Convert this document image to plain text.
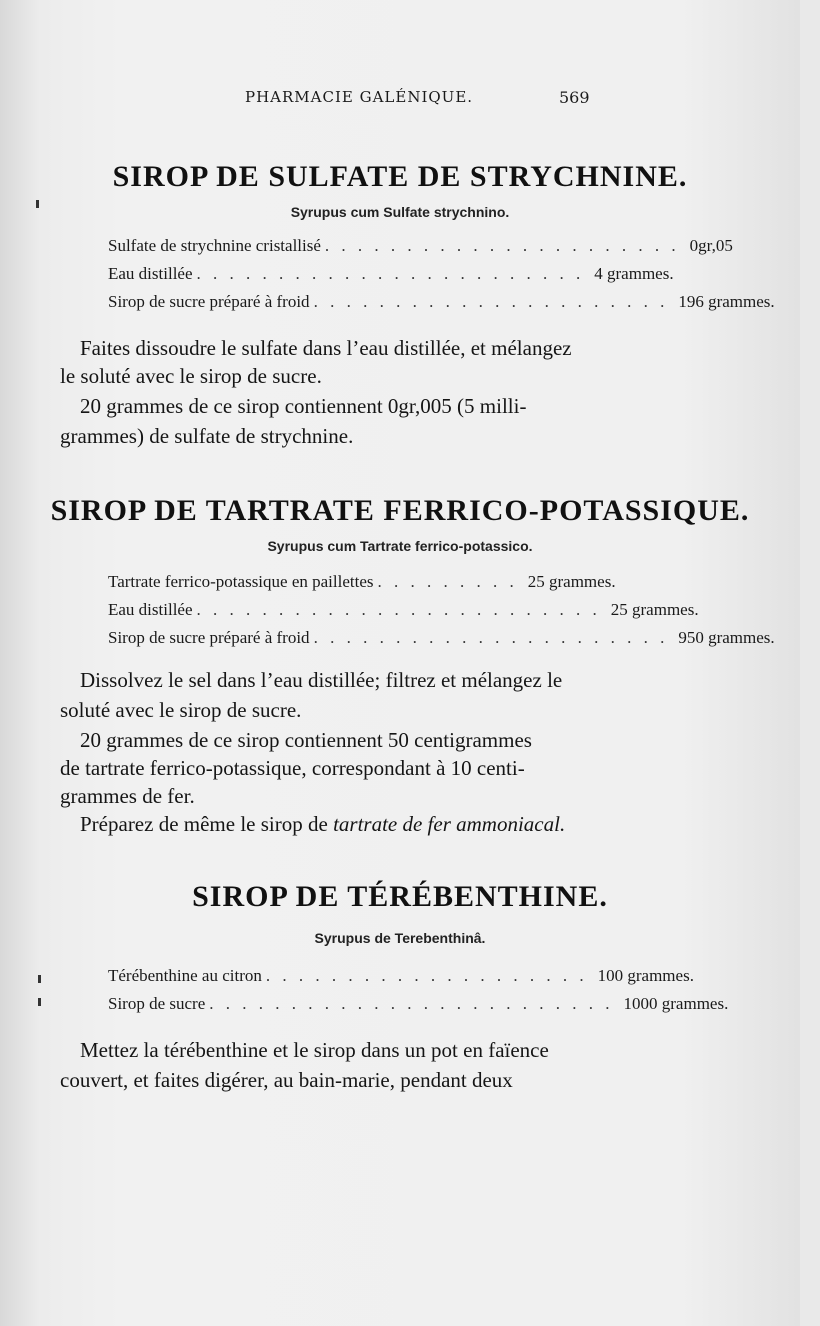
PHARMACIE GALÉNIQUE.	569
SIROP DE SULFATE DE STRYCHNINE.
Syrupus cum Sulfate strychnino.
Sulfate de strychnine cristallisé . . . . . . . . . . . . . . . . . . . . . . 0gr,05
Eau distillée . . . . . . . . . . . . . . . . . . . . . . . . 4 grammes.
Sirop de sucre préparé à froid . . . . . . . . . . . . . . . . . . . . . . 196 grammes.
Faites dissoudre le sulfate dans l’eau distillée, et mélangez
le soluté avec le sirop de sucre.
20 grammes de ce sirop contiennent 0gr,005 (5 milli-
grammes) de sulfate de strychnine.
SIROP DE TARTRATE FERRICO-POTASSIQUE.
Syrupus cum Tartrate ferrico-potassico.
Tartrate ferrico-potassique en paillettes . . . . . . . . . 25 grammes.
Eau distillée . . . . . . . . . . . . . . . . . . . . . . . . . 25 grammes.
Sirop de sucre préparé à froid . . . . . . . . . . . . . . . . . . . . . . 950 grammes.
Dissolvez le sel dans l’eau distillée; filtrez et mélangez le
soluté avec le sirop de sucre.
20 grammes de ce sirop contiennent 50 centigrammes
de tartrate ferrico-potassique, correspondant à 10 centi-
grammes de fer.
Préparez de même le sirop de tartrate de fer ammoniacal.
SIROP DE TÉRÉBENTHINE.
Syrupus de Terebenthinâ.
Térébenthine au citron . . . . . . . . . . . . . . . . . . . . 100 grammes.
Sirop de sucre . . . . . . . . . . . . . . . . . . . . . . . . . 1000 grammes.
Mettez la térébenthine et le sirop dans un pot en faïence
couvert, et faites digérer, au bain-marie, pendant deux
